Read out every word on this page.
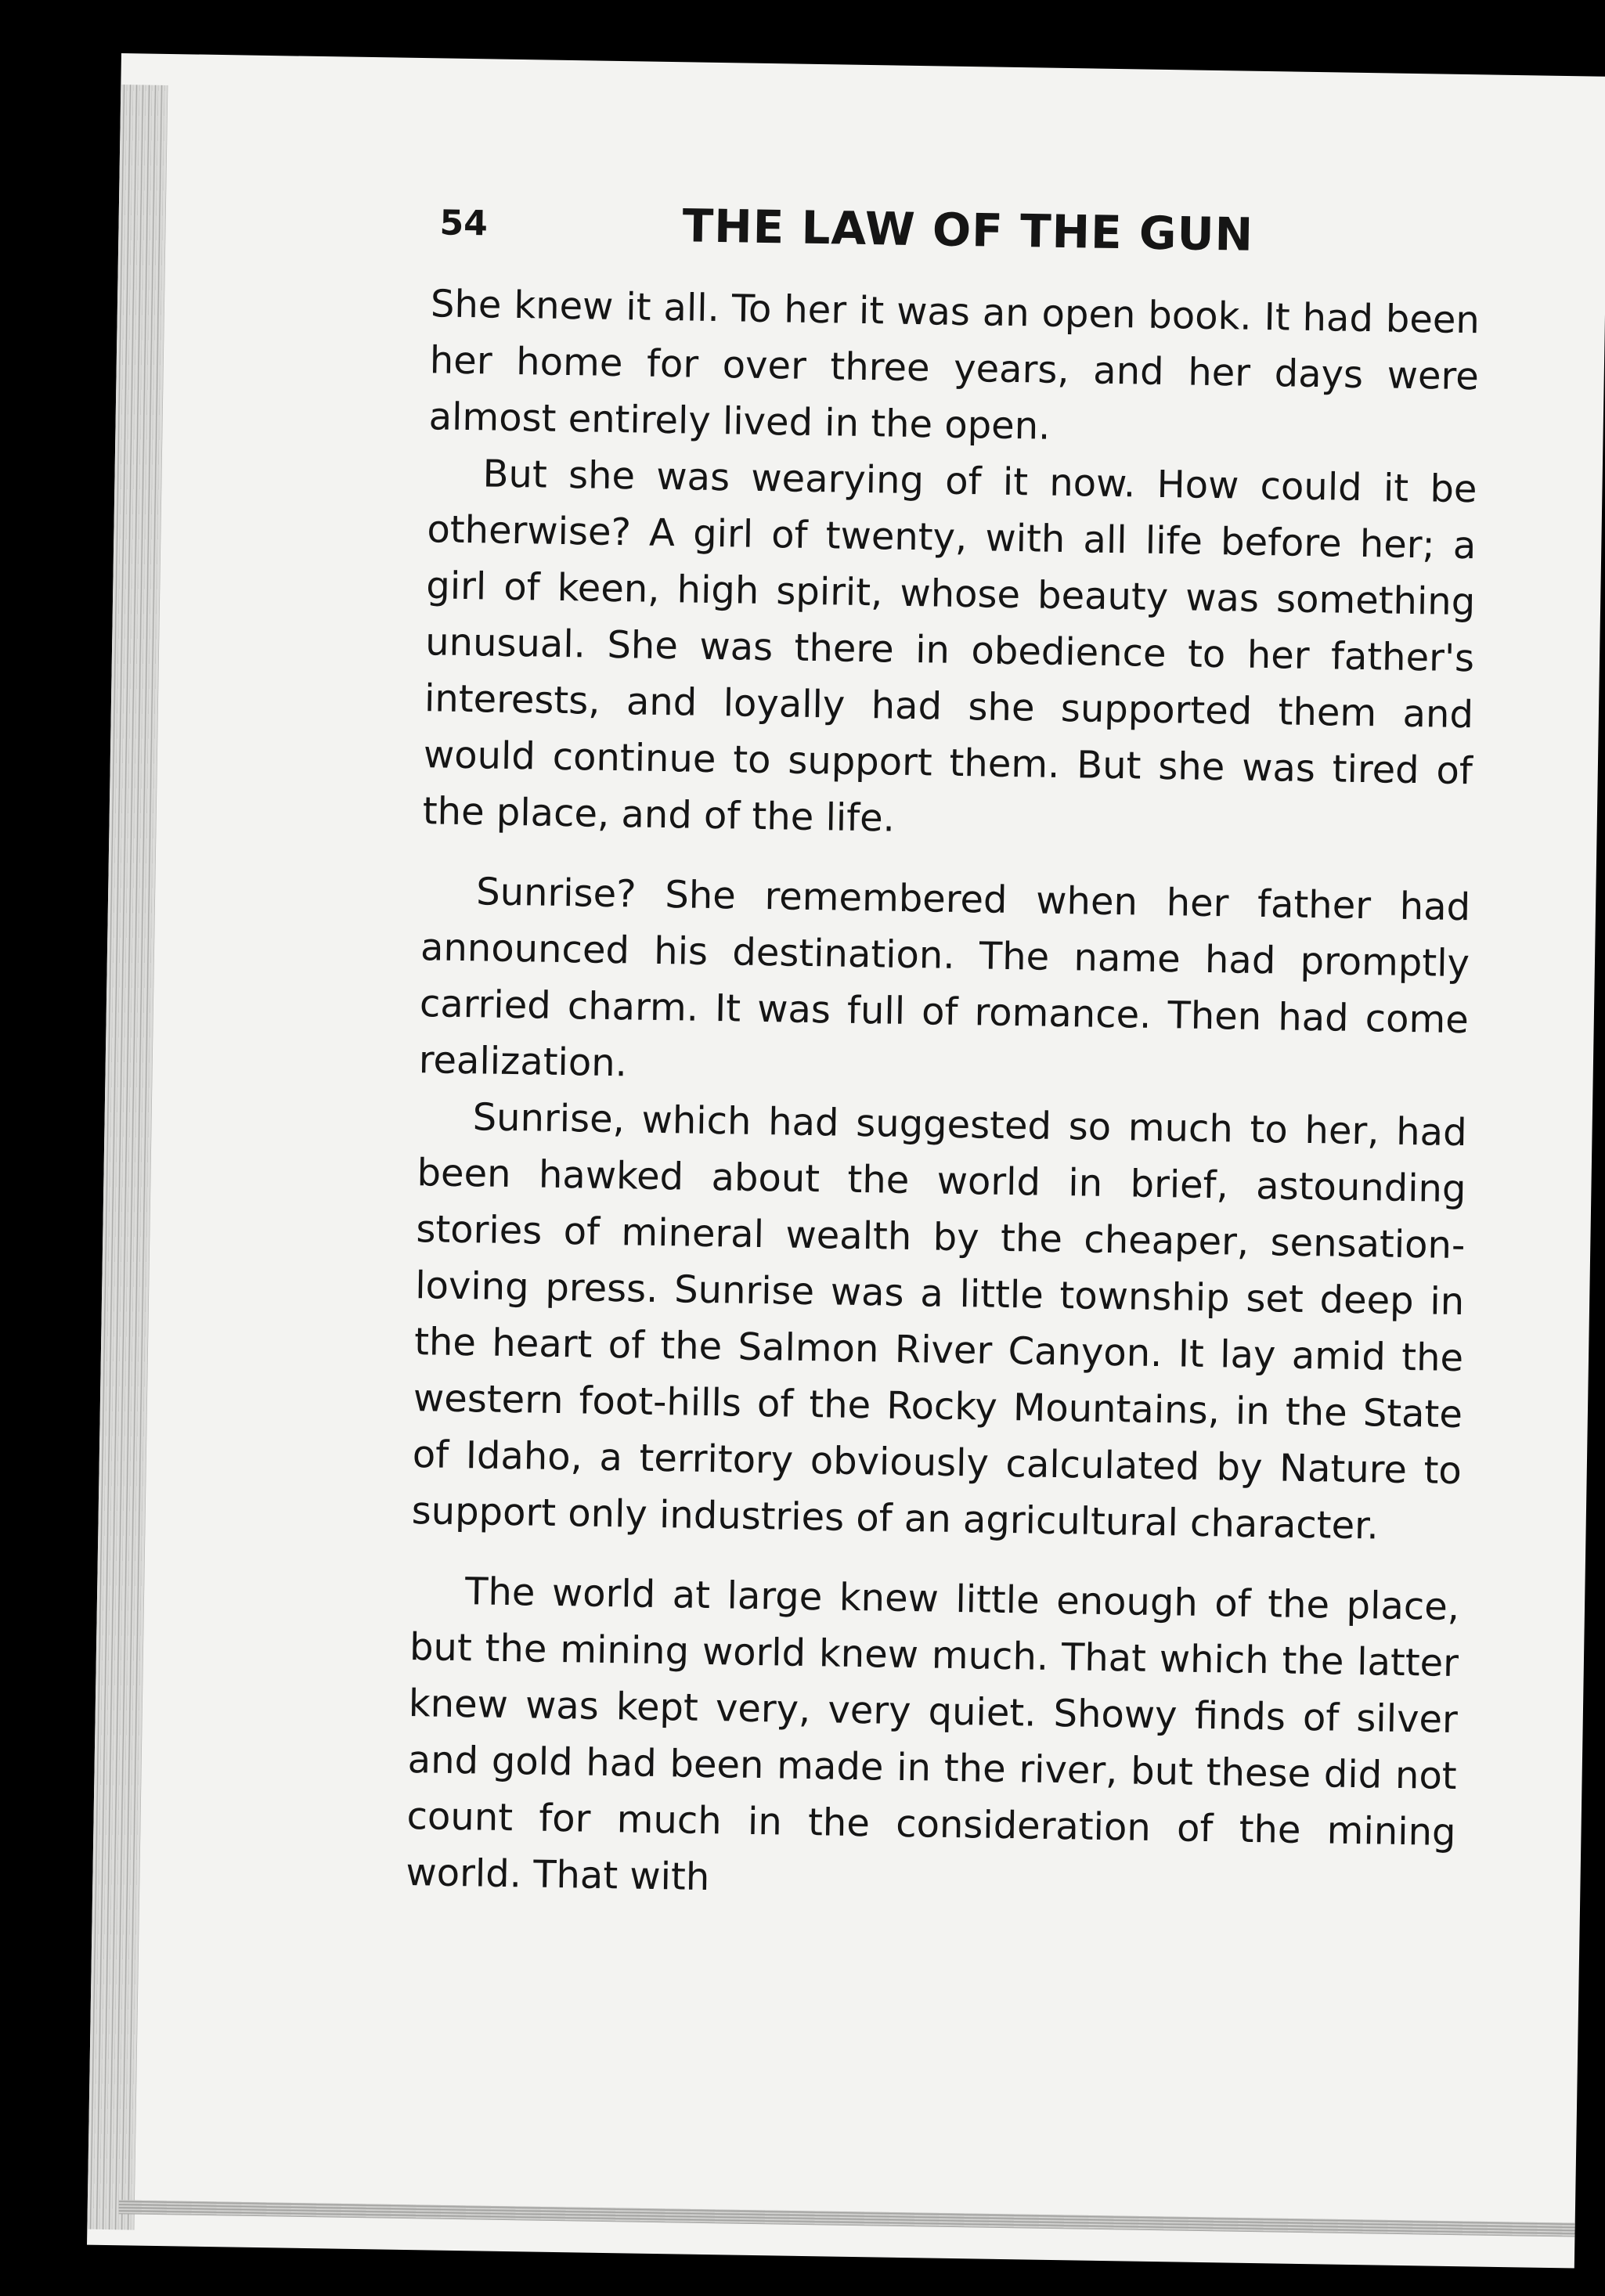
54	THE LAW OF THE GUN

She knew it all. To her it was an open book. It had been her home for over three years, and her days were almost entirely lived in the open.

But she was wearying of it now. How could it be otherwise? A girl of twenty, with all life before her; a girl of keen, high spirit, whose beauty was something unusual. She was there in obedience to her father's interests, and loyally had she supported them and would continue to support them. But she was tired of the place, and of the life.

Sunrise? She remembered when her father had announced his destination. The name had promptly carried charm. It was full of romance. Then had come realization.

Sunrise, which had suggested so much to her, had been hawked about the world in brief, astounding stories of mineral wealth by the cheaper, sensation-loving press. Sunrise was a little township set deep in the heart of the Salmon River Canyon. It lay amid the western foot-hills of the Rocky Mountains, in the State of Idaho, a territory obviously calculated by Nature to support only industries of an agricultural character.

The world at large knew little enough of the place, but the mining world knew much. That which the latter knew was kept very, very quiet. Showy finds of silver and gold had been made in the river, but these did not count for much in the consideration of the mining world. That with
